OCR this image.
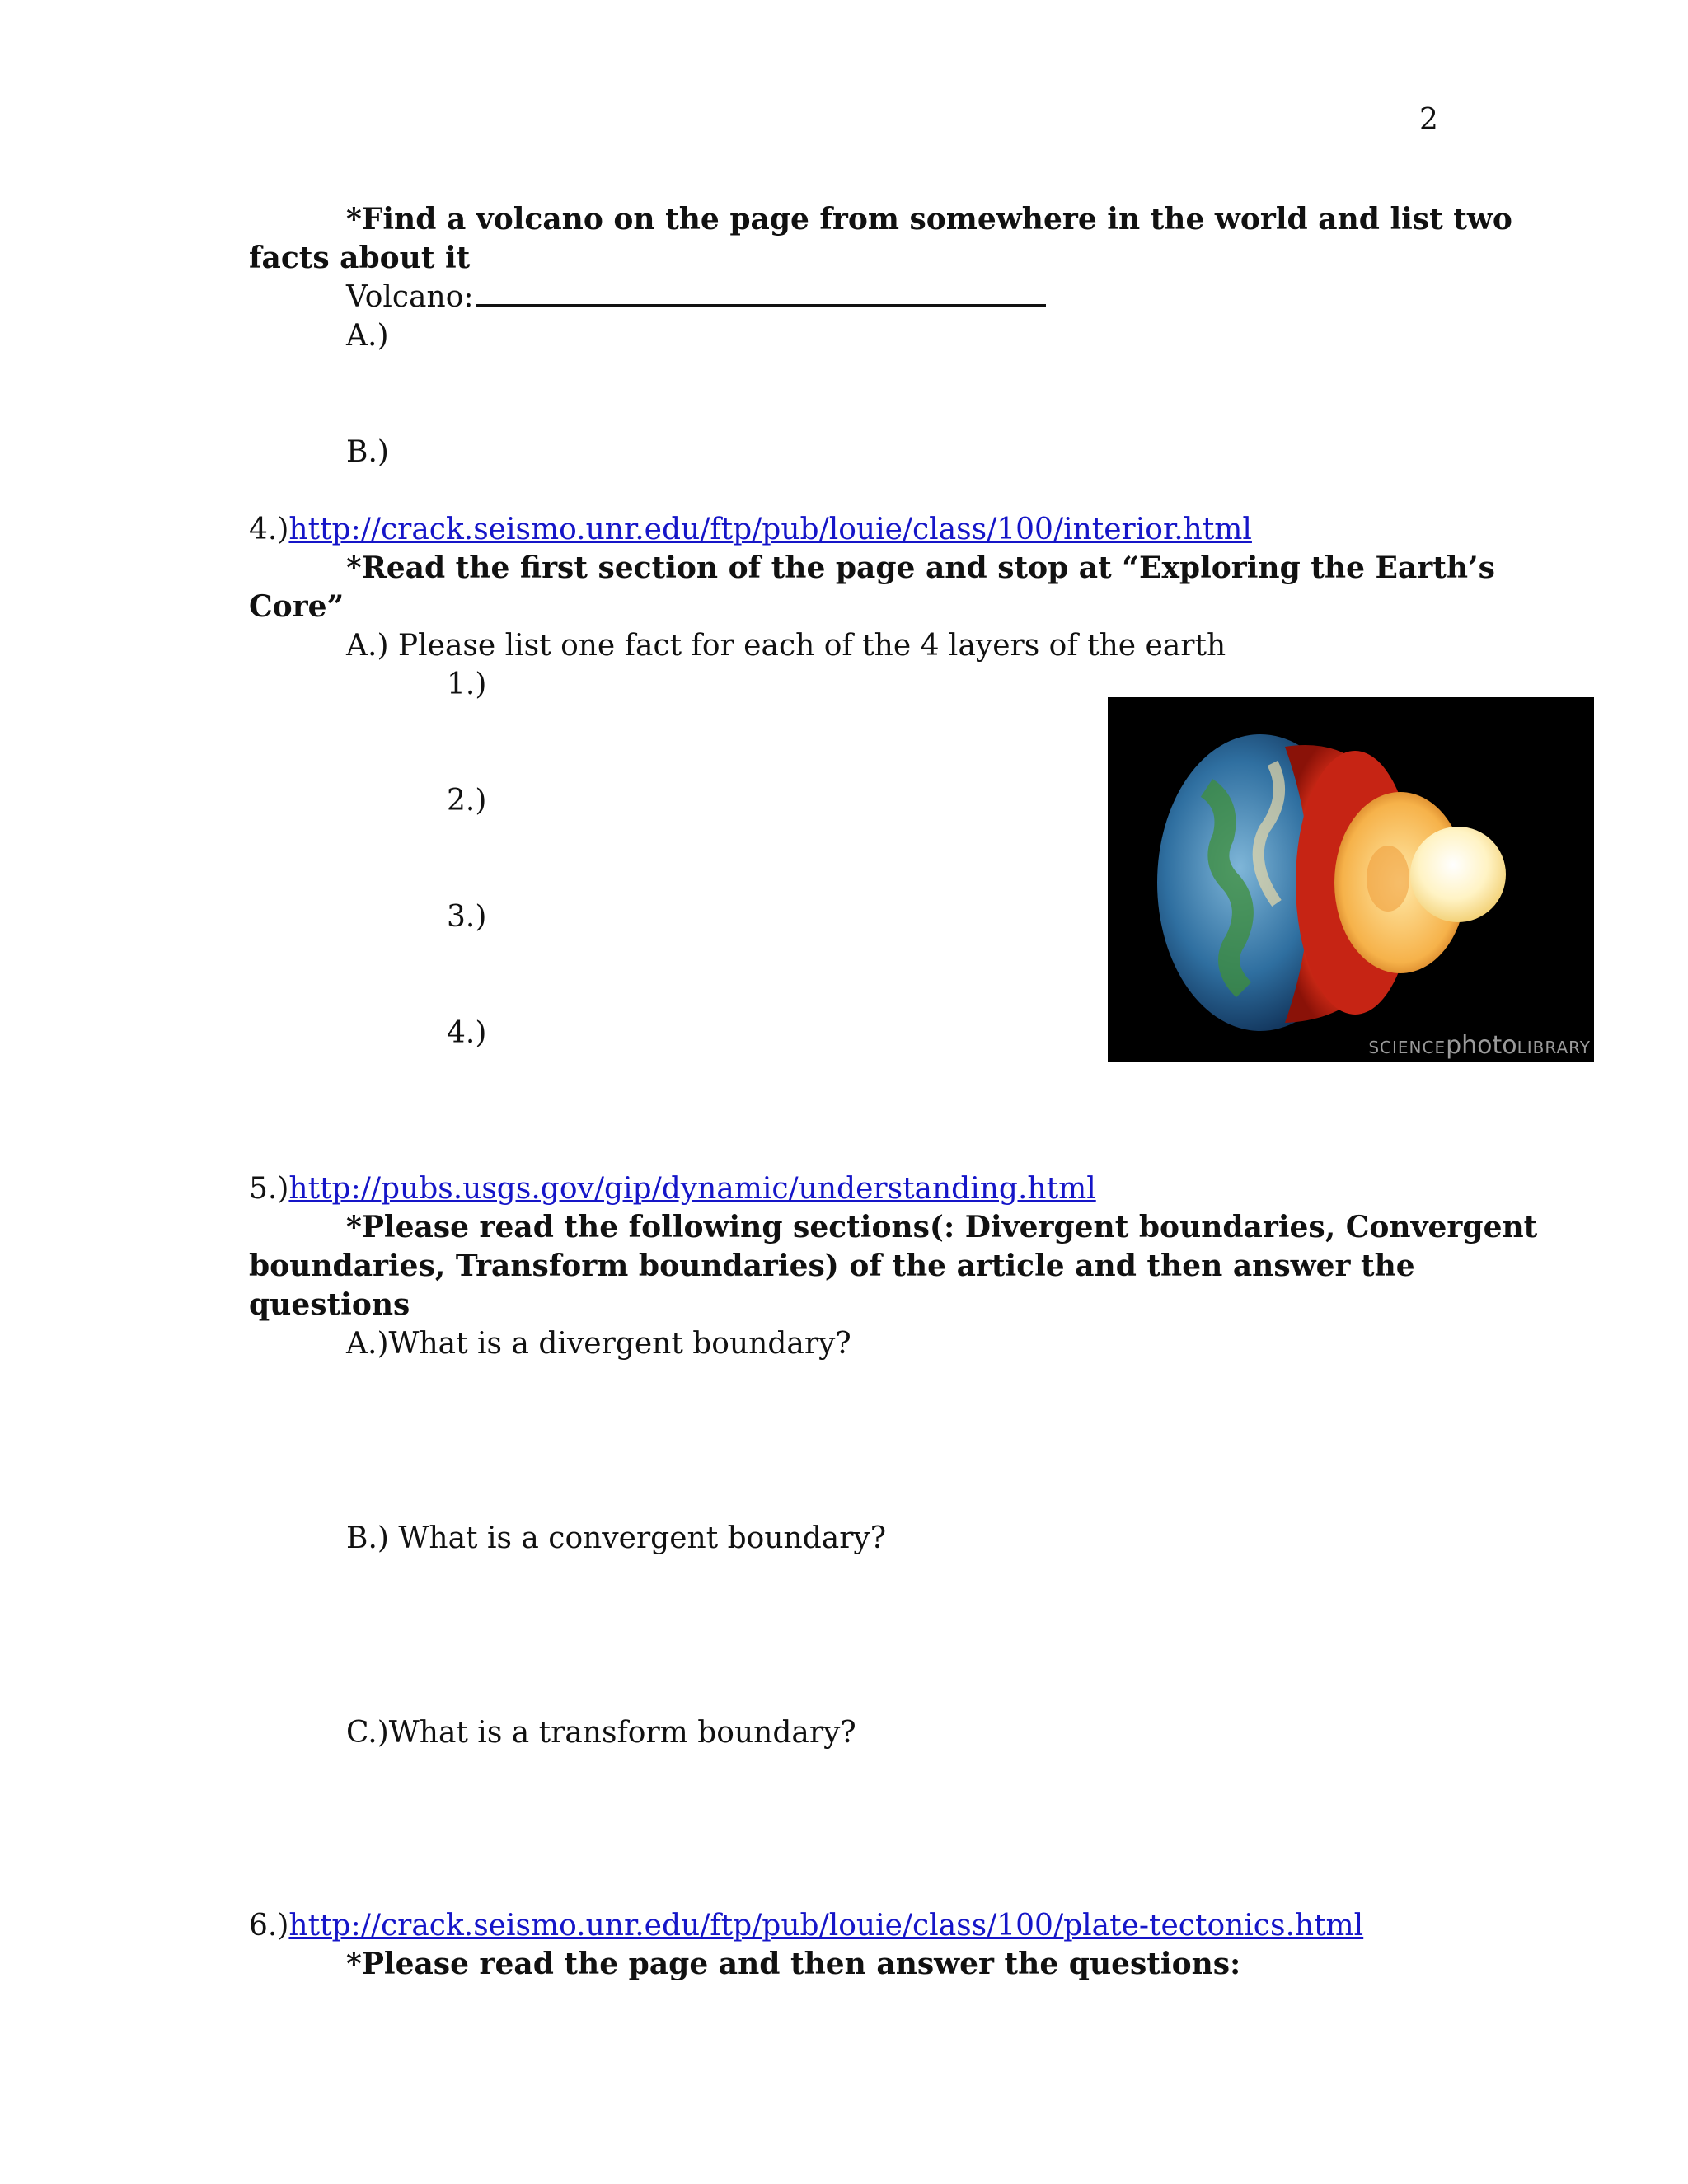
2
*Find a volcano on the page from somewhere in the world and list two
facts about it
Volcano:
A.)
B.)
4.)http://crack.seismo.unr.edu/ftp/pub/louie/class/100/interior.html
*Read the first section of the page and stop at “Exploring the Earth’s
Core”
A.) Please list one fact for each of the 4 layers of the earth
1.)
2.)
3.)
4.)	SCIENCEphotoLIBRARY
5.)http://pubs.usgs.gov/gip/dynamic/understanding.html
*Please read the following sections(: Divergent boundaries, Convergent
boundaries, Transform boundaries) of the article and then answer the
questions
A.)What is a divergent boundary?
B.) What is a convergent boundary?
C.)What is a transform boundary?
6.)http://crack.seismo.unr.edu/ftp/pub/louie/class/100/plate-tectonics.html
*Please read the page and then answer the questions:
